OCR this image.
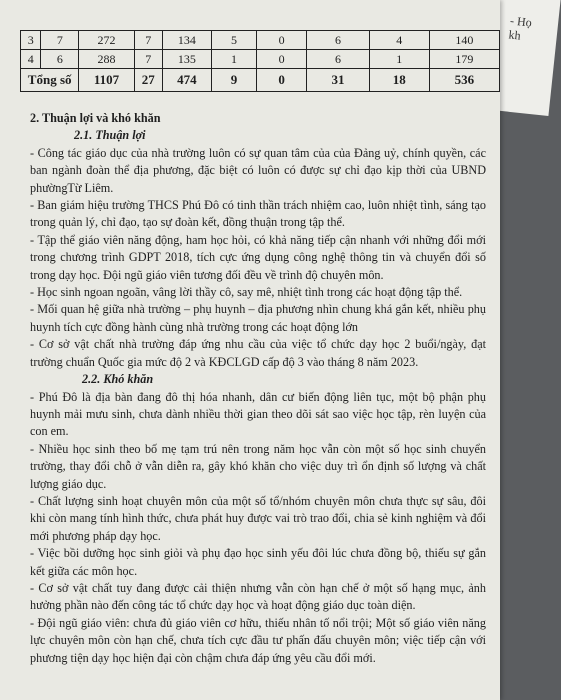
- Họ
kh
3	7	272	7	134	5	0	6	4	140
4	6	288	7	135	1	0	6	1	179
Tổng số		1107	27	474	9	0	31	18	536

2. Thuận lợi và khó khăn

2.1. Thuận lợi

- Công tác giáo dục của nhà trường luôn có sự quan tâm của của Đảng uỷ, chính quyền, các ban ngành đoàn thể địa phương, đặc biệt có luôn có được sự chỉ đạo kịp thời của UBND phườngTừ Liêm.

- Ban giám hiệu trường THCS Phú Đô có tinh thần trách nhiệm cao, luôn nhiệt tình, sáng tạo trong quản lý, chỉ đạo, tạo sự đoàn kết, đồng thuận trong tập thể.

- Tập thể giáo viên năng động, ham học hỏi, có khả năng tiếp cận nhanh với những đổi mới trong chương trình GDPT 2018, tích cực ứng dụng công nghệ thông tin và chuyển đổi số trong dạy học. Đội ngũ giáo viên tương đối đều về trình độ chuyên môn.

- Học sinh ngoan ngoãn, vâng lời thầy cô, say mê, nhiệt tình trong các hoạt động tập thể.

- Mối quan hệ giữa nhà trường – phụ huynh – địa phương nhìn chung khá gắn kết, nhiều phụ huynh tích cực đồng hành cùng nhà trường trong các hoạt động lớn

- Cơ sở vật chất nhà trường đáp ứng nhu cầu của việc tổ chức dạy học 2 buổi/ngày, đạt trường chuẩn Quốc gia mức độ 2 và KĐCLGD cấp độ 3 vào tháng 8 năm 2023.

2.2. Khó khăn

- Phú Đô là địa bàn đang đô thị hóa nhanh, dân cư biến động liên tục, một bộ phận phụ huynh mải mưu sinh, chưa dành nhiều thời gian theo dõi sát sao việc học tập, rèn luyện của con em.

- Nhiều học sinh theo bố mẹ tạm trú nên trong năm học vẫn còn một số học sinh chuyển trường, thay đổi chỗ ở vẫn diễn ra, gây khó khăn cho việc duy trì ổn định số lượng và chất lượng giáo dục.

- Chất lượng sinh hoạt chuyên môn của một số tổ/nhóm chuyên môn chưa thực sự sâu, đôi khi còn mang tính hình thức, chưa phát huy được vai trò trao đổi, chia sẻ kinh nghiệm và đổi mới phương pháp dạy học.

- Việc bồi dưỡng học sinh giỏi và phụ đạo học sinh yếu đôi lúc chưa đồng bộ, thiếu sự gắn kết giữa các môn học.

- Cơ sở vật chất tuy đang được cải thiện nhưng vẫn còn hạn chế ở một số hạng mục, ảnh hưởng phần nào đến công tác tổ chức dạy học và hoạt động giáo dục toàn diện.

- Đội ngũ giáo viên: chưa đủ giáo viên cơ hữu, thiếu nhân tố nổi trội; Một số giáo viên năng lực chuyên môn còn hạn chế, chưa tích cực đầu tư phấn đấu chuyên môn; việc tiếp cận với phương tiện dạy học hiện đại còn chậm chưa đáp ứng yêu cầu đổi mới.
